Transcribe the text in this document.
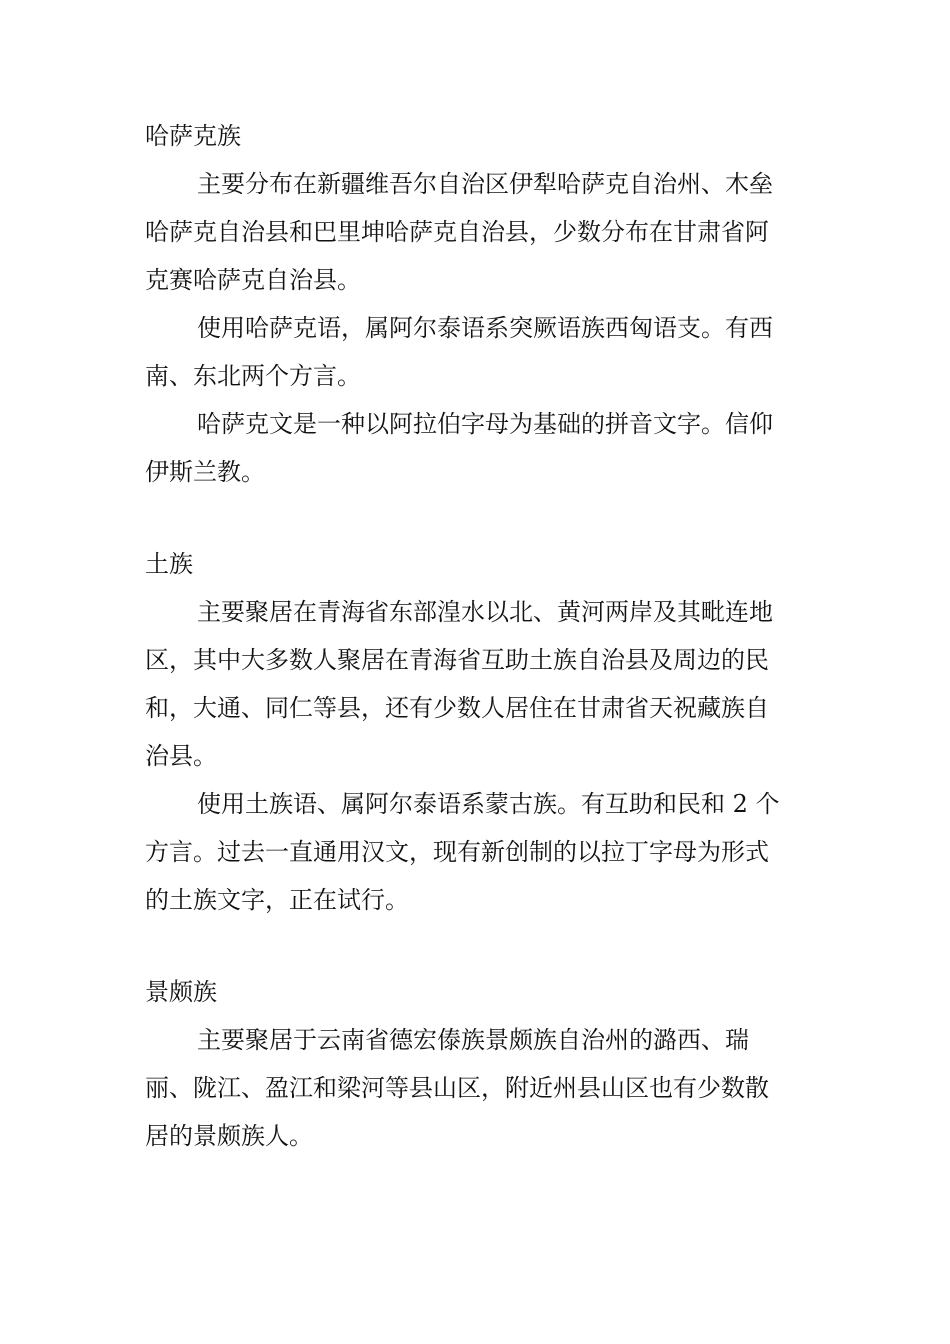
哈萨克族

主要分布在新疆维吾尔自治区伊犁哈萨克自治州、木垒
哈萨克自治县和巴里坤哈萨克自治县，少数分布在甘肃省阿
克赛哈萨克自治县。

使用哈萨克语，属阿尔泰语系突厥语族西匈语支。有西
南、东北两个方言。

哈萨克文是一种以阿拉伯字母为基础的拼音文字。信仰
伊斯兰教。

土族

主要聚居在青海省东部湟水以北、黄河两岸及其毗连地
区，其中大多数人聚居在青海省互助土族自治县及周边的民
和，大通、同仁等县，还有少数人居住在甘肃省天祝藏族自
治县。

使用土族语、属阿尔泰语系蒙古族。有互助和民和 2 个
方言。过去一直通用汉文，现有新创制的以拉丁字母为形式
的土族文字，正在试行。

景颇族

主要聚居于云南省德宏傣族景颇族自治州的潞西、瑞
丽、陇江、盈江和梁河等县山区，附近州县山区也有少数散
居的景颇族人。
